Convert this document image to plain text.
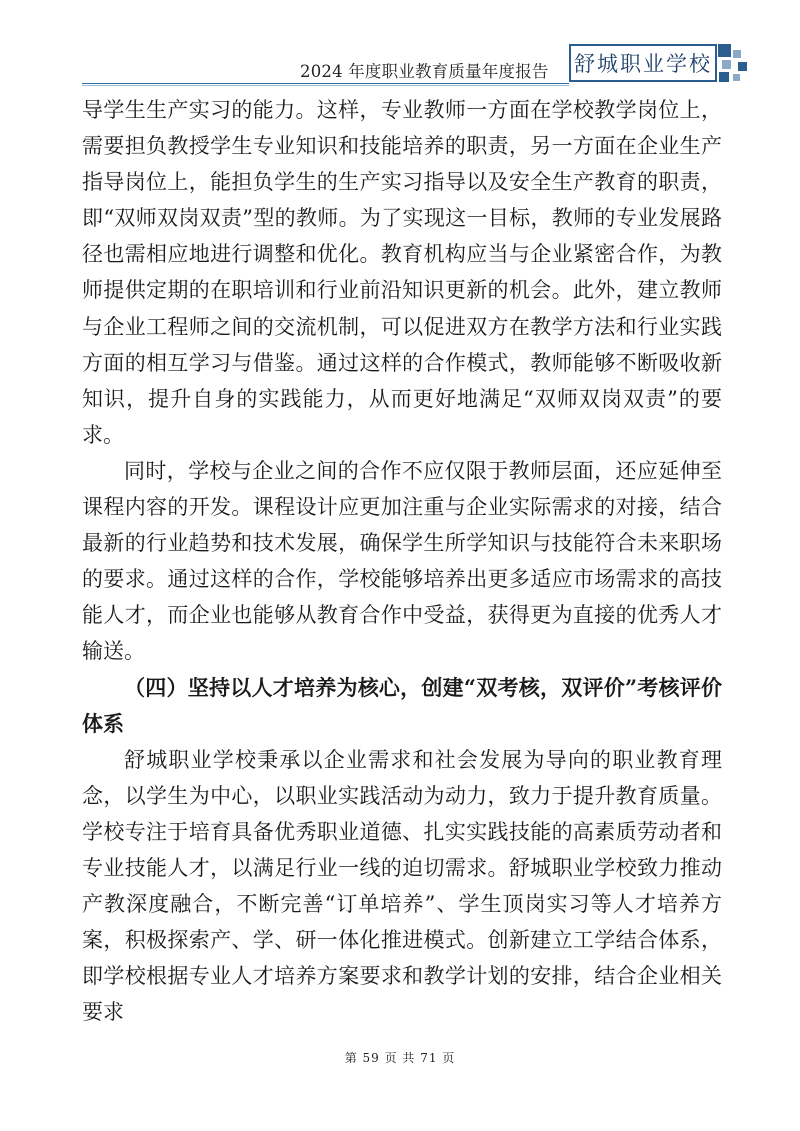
2024 年度职业教育质量年度报告	舒城职业学校

导学生生产实习的能力。这样，专业教师一方面在学校教学岗位上，需要担负教授学生专业知识和技能培养的职责，另一方面在企业生产指导岗位上，能担负学生的生产实习指导以及安全生产教育的职责，即“双师双岗双责”型的教师。为了实现这一目标，教师的专业发展路径也需相应地进行调整和优化。教育机构应当与企业紧密合作，为教师提供定期的在职培训和行业前沿知识更新的机会。此外，建立教师与企业工程师之间的交流机制，可以促进双方在教学方法和行业实践方面的相互学习与借鉴。通过这样的合作模式，教师能够不断吸收新知识，提升自身的实践能力，从而更好地满足“双师双岗双责”的要求。

同时，学校与企业之间的合作不应仅限于教师层面，还应延伸至课程内容的开发。课程设计应更加注重与企业实际需求的对接，结合最新的行业趋势和技术发展，确保学生所学知识与技能符合未来职场的要求。通过这样的合作，学校能够培养出更多适应市场需求的高技能人才，而企业也能够从教育合作中受益，获得更为直接的优秀人才输送。

（四）坚持以人才培养为核心，创建“双考核，双评价”考核评价体系

舒城职业学校秉承以企业需求和社会发展为导向的职业教育理念，以学生为中心，以职业实践活动为动力，致力于提升教育质量。学校专注于培育具备优秀职业道德、扎实实践技能的高素质劳动者和专业技能人才，以满足行业一线的迫切需求。舒城职业学校致力推动产教深度融合，不断完善“订单培养”、学生顶岗实习等人才培养方案，积极探索产、学、研一体化推进模式。创新建立工学结合体系，即学校根据专业人才培养方案要求和教学计划的安排，结合企业相关要求

第 59 页 共 71 页
